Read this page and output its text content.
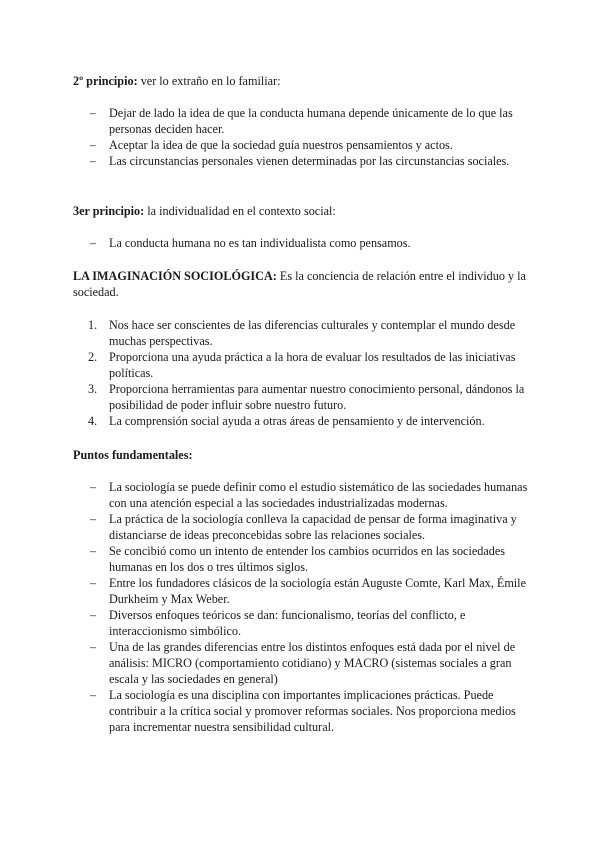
2º principio: ver lo extraño en lo familiar:

– Dejar de lado la idea de que la conducta humana depende únicamente de lo que las personas deciden hacer.
– Aceptar la idea de que la sociedad guía nuestros pensamientos y actos.
– Las circunstancias personales vienen determinadas por las circunstancias sociales.

3er principio: la individualidad en el contexto social:

– La conducta humana no es tan individualista como pensamos.

LA IMAGINACIÓN SOCIOLÓGICA: Es la conciencia de relación entre el individuo y la sociedad.

1. Nos hace ser conscientes de las diferencias culturales y contemplar el mundo desde muchas perspectivas.
2. Proporciona una ayuda práctica a la hora de evaluar los resultados de las iniciativas políticas.
3. Proporciona herramientas para aumentar nuestro conocimiento personal, dándonos la posibilidad de poder influir sobre nuestro futuro.
4. La comprensión social ayuda a otras áreas de pensamiento y de intervención.

Puntos fundamentales:

– La sociología se puede definir como el estudio sistemático de las sociedades humanas con una atención especial a las sociedades industrializadas modernas.
– La práctica de la sociología conlleva la capacidad de pensar de forma imaginativa y distanciarse de ideas preconcebidas sobre las relaciones sociales.
– Se concibió como un intento de entender los cambios ocurridos en las sociedades humanas en los dos o tres últimos siglos.
– Entre los fundadores clásicos de la sociología están Auguste Comte, Karl Max, Émile Durkheim y Max Weber.
– Diversos enfoques teóricos se dan: funcionalismo, teorías del conflicto, e interaccionismo simbólico.
– Una de las grandes diferencias entre los distintos enfoques está dada por el nivel de análisis: MICRO (comportamiento cotidiano) y MACRO (sistemas sociales a gran escala y las sociedades en general)
– La sociología es una disciplina con importantes implicaciones prácticas. Puede contribuir a la crítica social y promover reformas sociales. Nos proporciona medios para incrementar nuestra sensibilidad cultural.
